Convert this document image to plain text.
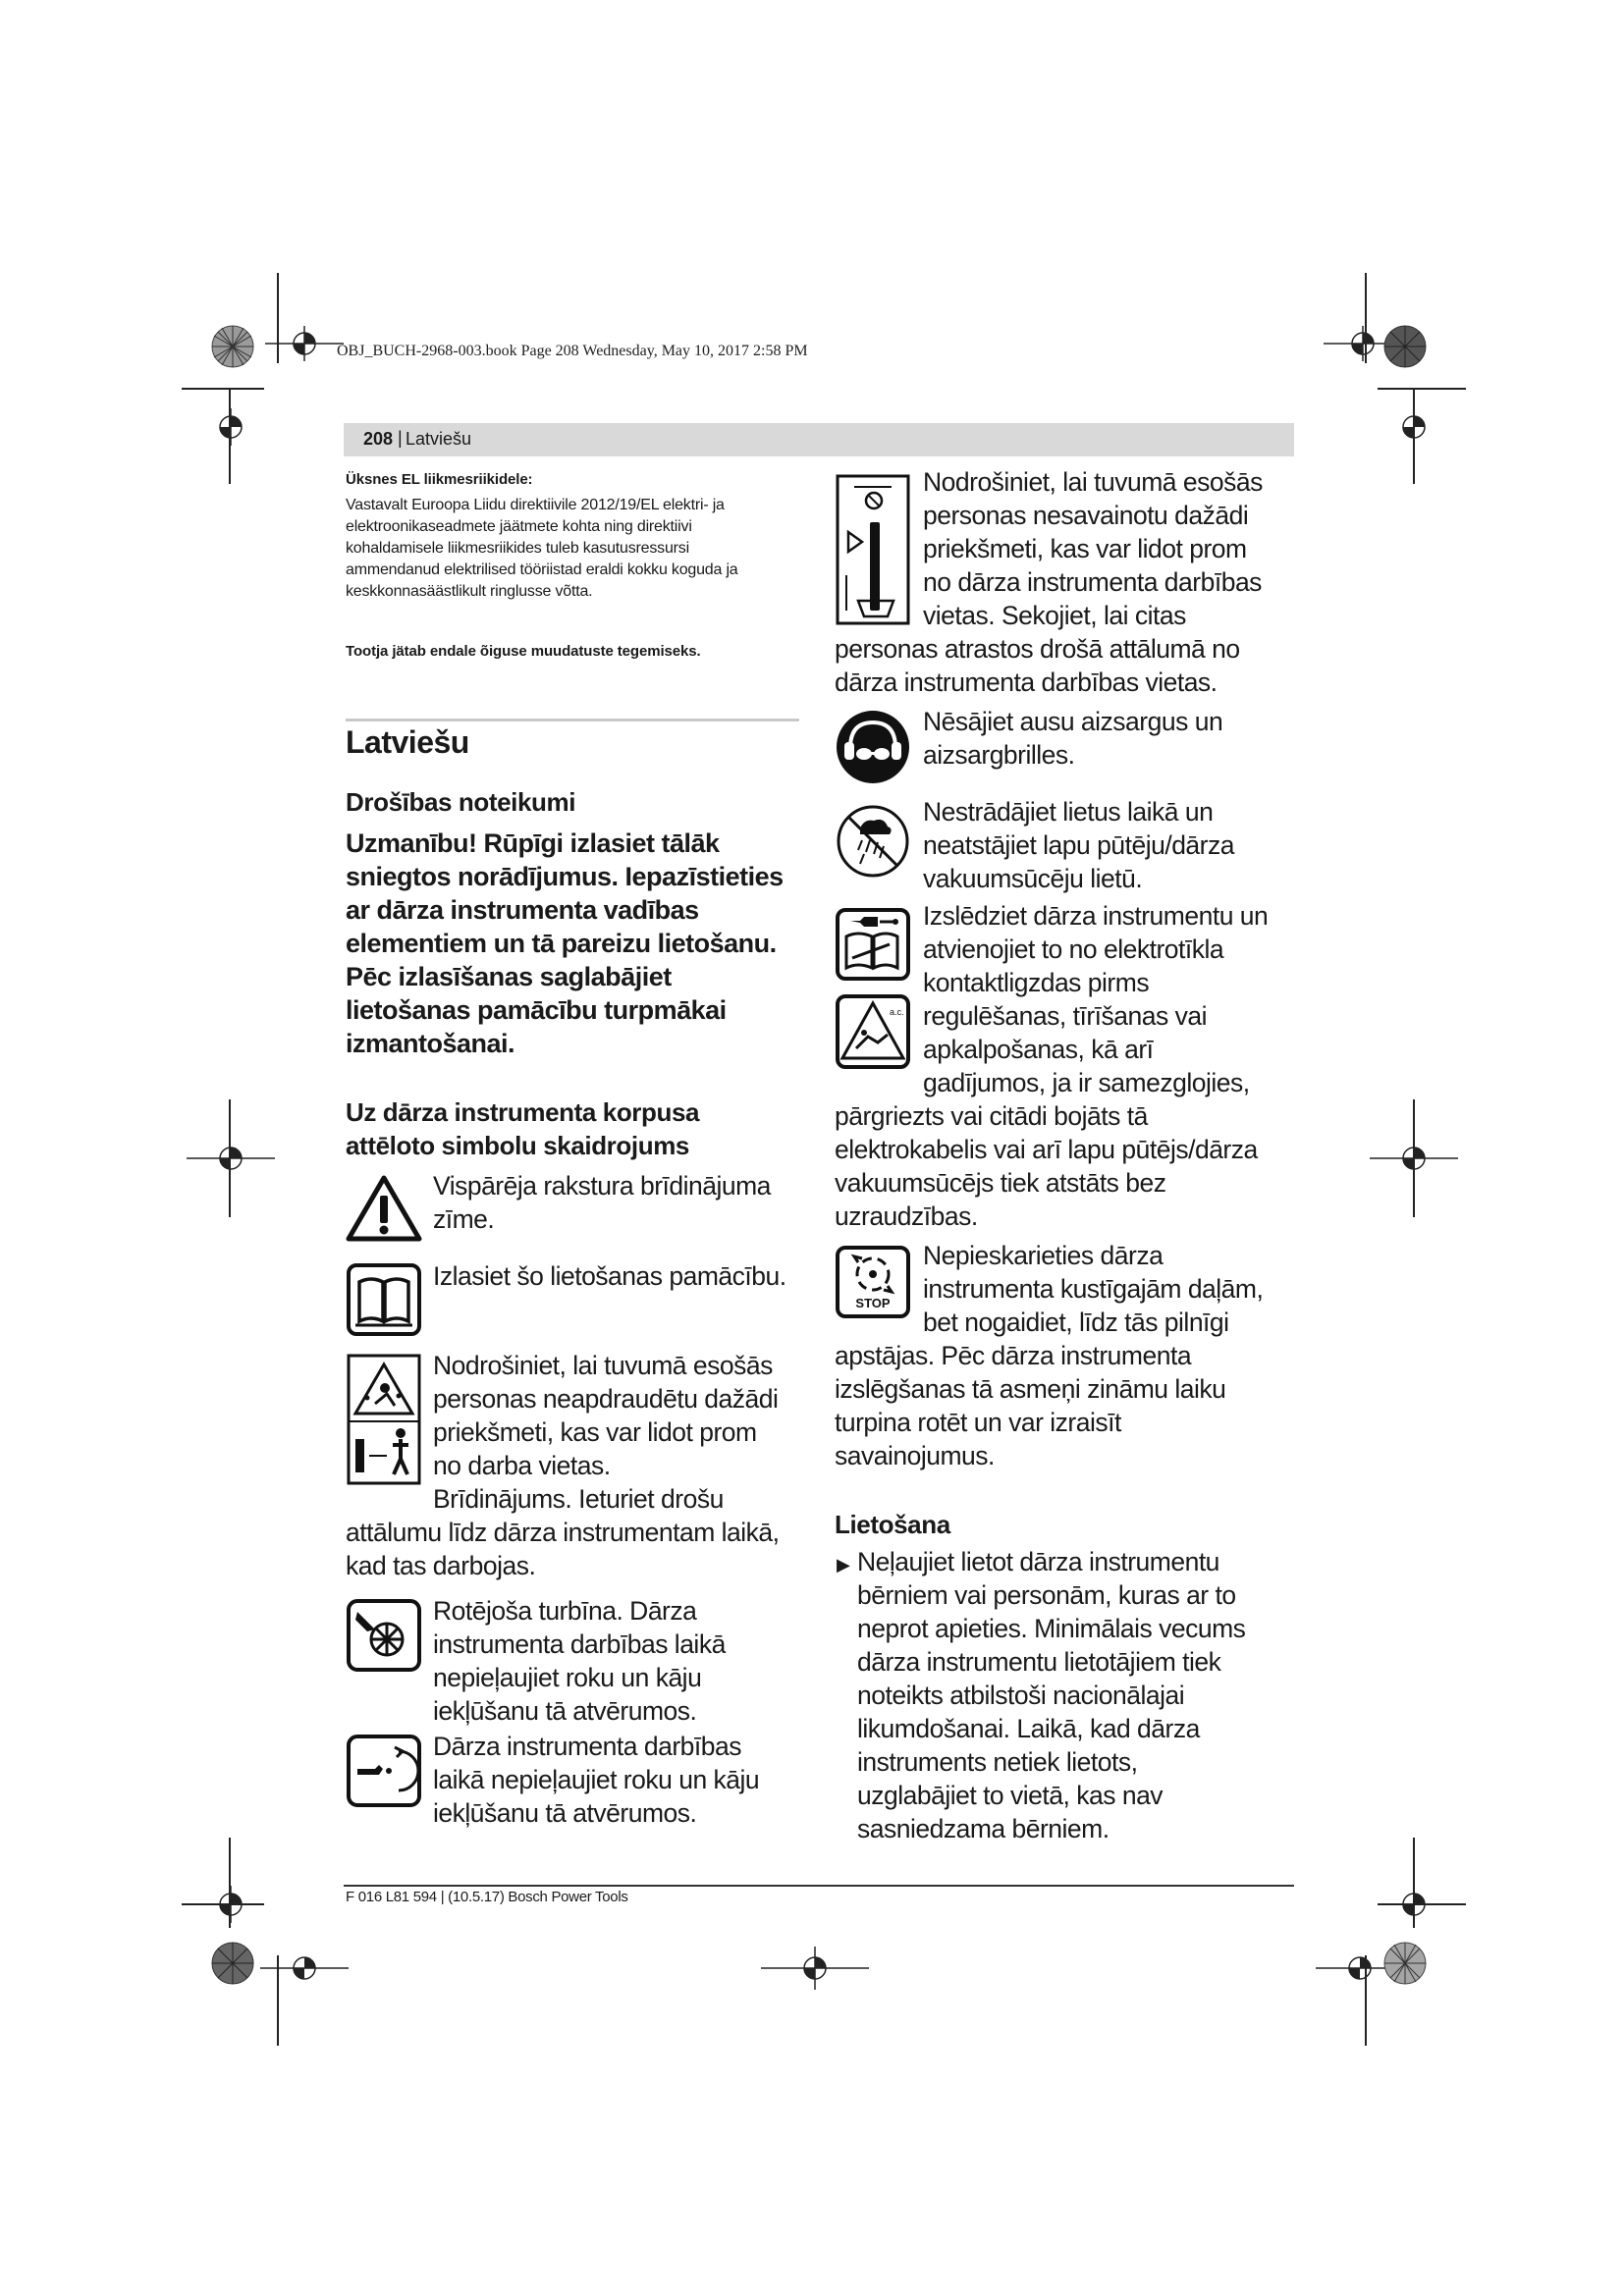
OBJ_BUCH-2968-003.book Page 208 Wednesday, May 10, 2017 2:58 PM
208 | Latviešu
Üksnes EL liikmesriikidele:
Vastavalt Euroopa Liidu direktiivile 2012/19/EL elektri- ja
elektroonikaseadmete jäätmete kohta ning direktiivi
kohaldamisele liikmesriikides tuleb kasutusressursi
ammendanud elektrilised tööriistad eraldi kokku koguda ja
keskkonnasäästlikult ringlusse võtta.
Tootja jätab endale õiguse muudatuste tegemiseks.
Latviešu
Drošības noteikumi
Uzmanību! Rūpīgi izlasiet tālāk
sniegtos norādījumus. Iepazīstieties
ar dārza instrumenta vadības
elementiem un tā pareizu lietošanu.
Pēc izlasīšanas saglabājiet
lietošanas pamācību turpmākai
izmantošanai.
Uz dārza instrumenta korpusa
attēloto simbolu skaidrojums

Vispārēja rakstura brīdinājuma

zīme.

Izlasiet šo lietošanas pamācību.

Nodrošiniet, lai tuvumā esošās

personas neapdraudētu dažādi

priekšmeti, kas var lidot prom

no darba vietas.

Brīdinājums. Ieturiet drošu

attālumu līdz dārza instrumentam laikā,

kad tas darbojas.

Rotējoša turbīna. Dārza

instrumenta darbības laikā

nepieļaujiet roku un kāju

iekļūšanu tā atvērumos.

Dārza instrumenta darbības

laikā nepieļaujiet roku un kāju

iekļūšanu tā atvērumos.

Nodrošiniet, lai tuvumā esošās

personas nesavainotu dažādi

priekšmeti, kas var lidot prom

no dārza instrumenta darbības

vietas. Sekojiet, lai citas

personas atrastos drošā attālumā no

dārza instrumenta darbības vietas.

Nēsājiet ausu aizsargus un

aizsargbrilles.

Nestrādājiet lietus laikā un

neatstājiet lapu pūtēju/dārza

vakuumsūcēju lietū.

a.c.

Izslēdziet dārza instrumentu un

atvienojiet to no elektrotīkla

kontaktligzdas pirms

regulēšanas, tīrīšanas vai

apkalpošanas, kā arī

gadījumos, ja ir samezglojies,

pārgriezts vai citādi bojāts tā

elektrokabelis vai arī lapu pūtējs/dārza

vakuumsūcējs tiek atstāts bez

uzraudzības.

STOP

Nepieskarieties dārza

instrumenta kustīgajām daļām,

bet nogaidiet, līdz tās pilnīgi

apstājas. Pēc dārza instrumenta

izslēgšanas tā asmeņi zināmu laiku

turpina rotēt un var izraisīt

savainojumus.

Lietošana
▶ Neļaujiet lietot dārza instrumentu

bērniem vai personām, kuras ar to

neprot apieties. Minimālais vecums

dārza instrumentu lietotājiem tiek

noteikts atbilstoši nacionālajai

likumdošanai. Laikā, kad dārza

instruments netiek lietots,

uzglabājiet to vietā, kas nav

sasniedzama bērniem.

F 016 L81 594 | (10.5.17) Bosch Power Tools
